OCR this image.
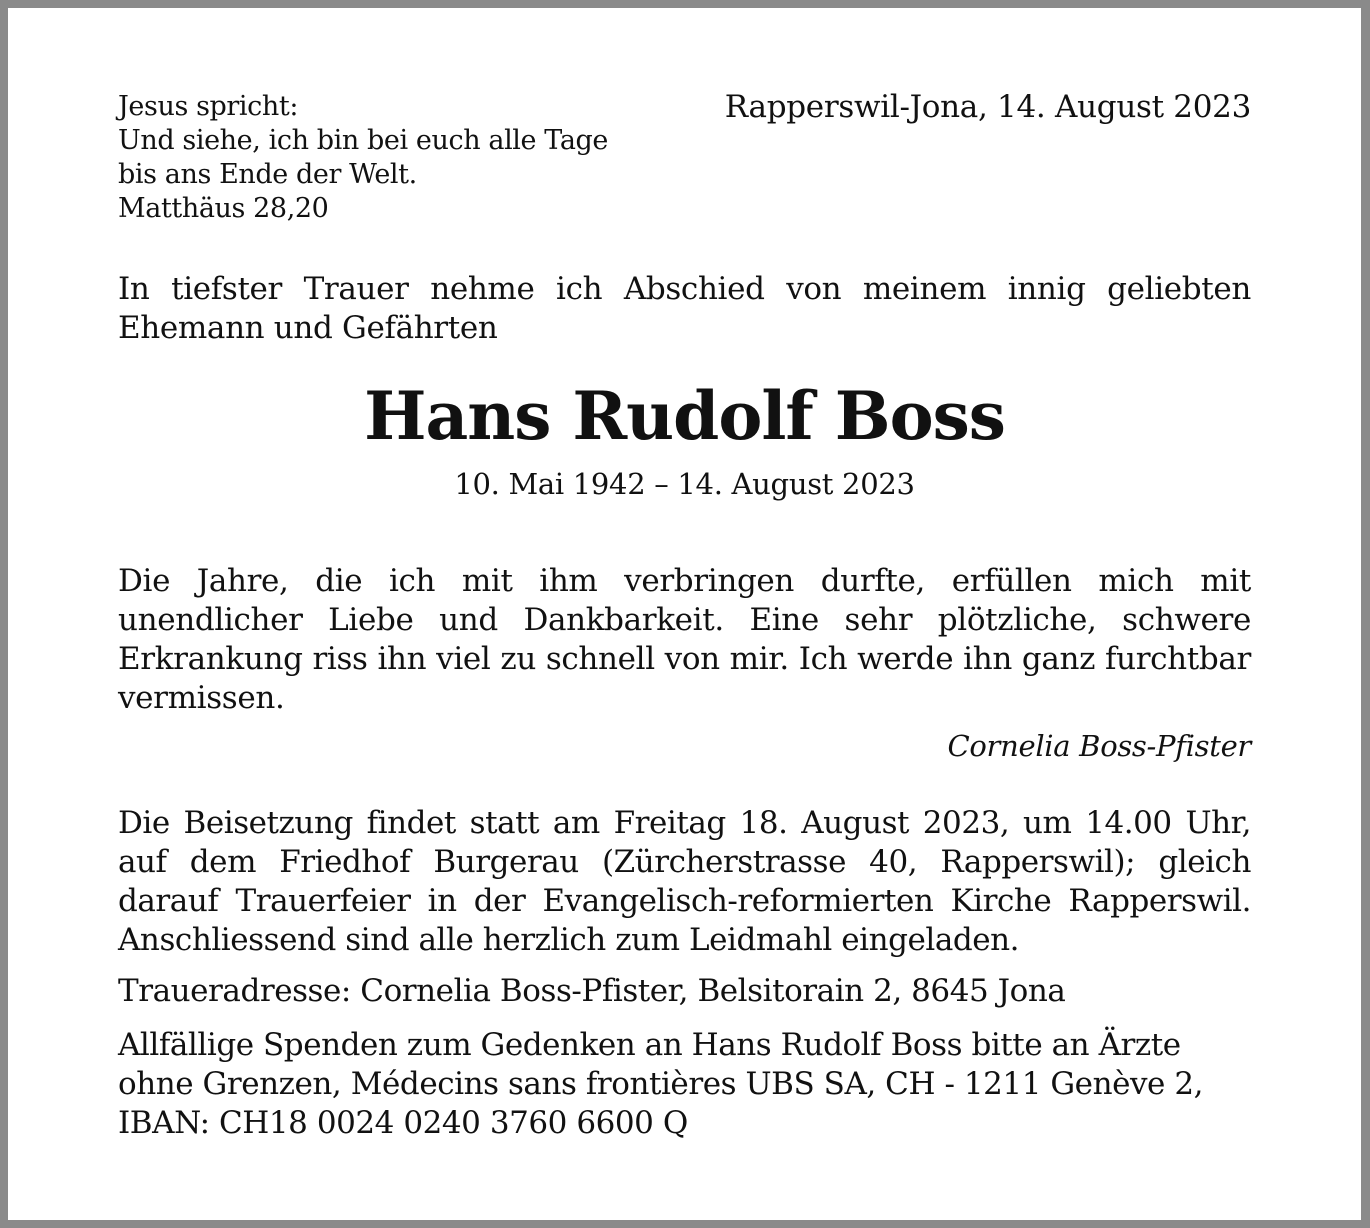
Jesus spricht:
Und siehe, ich bin bei euch alle Tage
bis ans Ende der Welt.
Matthäus 28,20
Rapperswil-Jona, 14. August 2023
In tiefster Trauer nehme ich Abschied von meinem innig geliebten Ehemann und Gefährten
Hans Rudolf Boss
10. Mai 1942 – 14. August 2023
Die Jahre, die ich mit ihm verbringen durfte, erfüllen mich mit unendlicher Liebe und Dankbarkeit. Eine sehr plötzliche, schwere Erkrankung riss ihn viel zu schnell von mir. Ich werde ihn ganz furchtbar vermissen.
Cornelia Boss-Pfister
Die Beisetzung findet statt am Freitag 18. August 2023, um 14.00 Uhr, auf dem Friedhof Burgerau (Zürcherstrasse 40, Rapperswil); gleich darauf Trauerfeier in der Evangelisch-reformierten Kirche Rapperswil. Anschliessend sind alle herzlich zum Leidmahl eingeladen.
Traueradresse: Cornelia Boss-Pfister, Belsitorain 2, 8645 Jona
Allfällige Spenden zum Gedenken an Hans Rudolf Boss bitte an Ärzte
ohne Grenzen, Médecins sans frontières UBS SA, CH - 1211 Genève 2,
IBAN: CH18 0024 0240 3760 6600 Q
